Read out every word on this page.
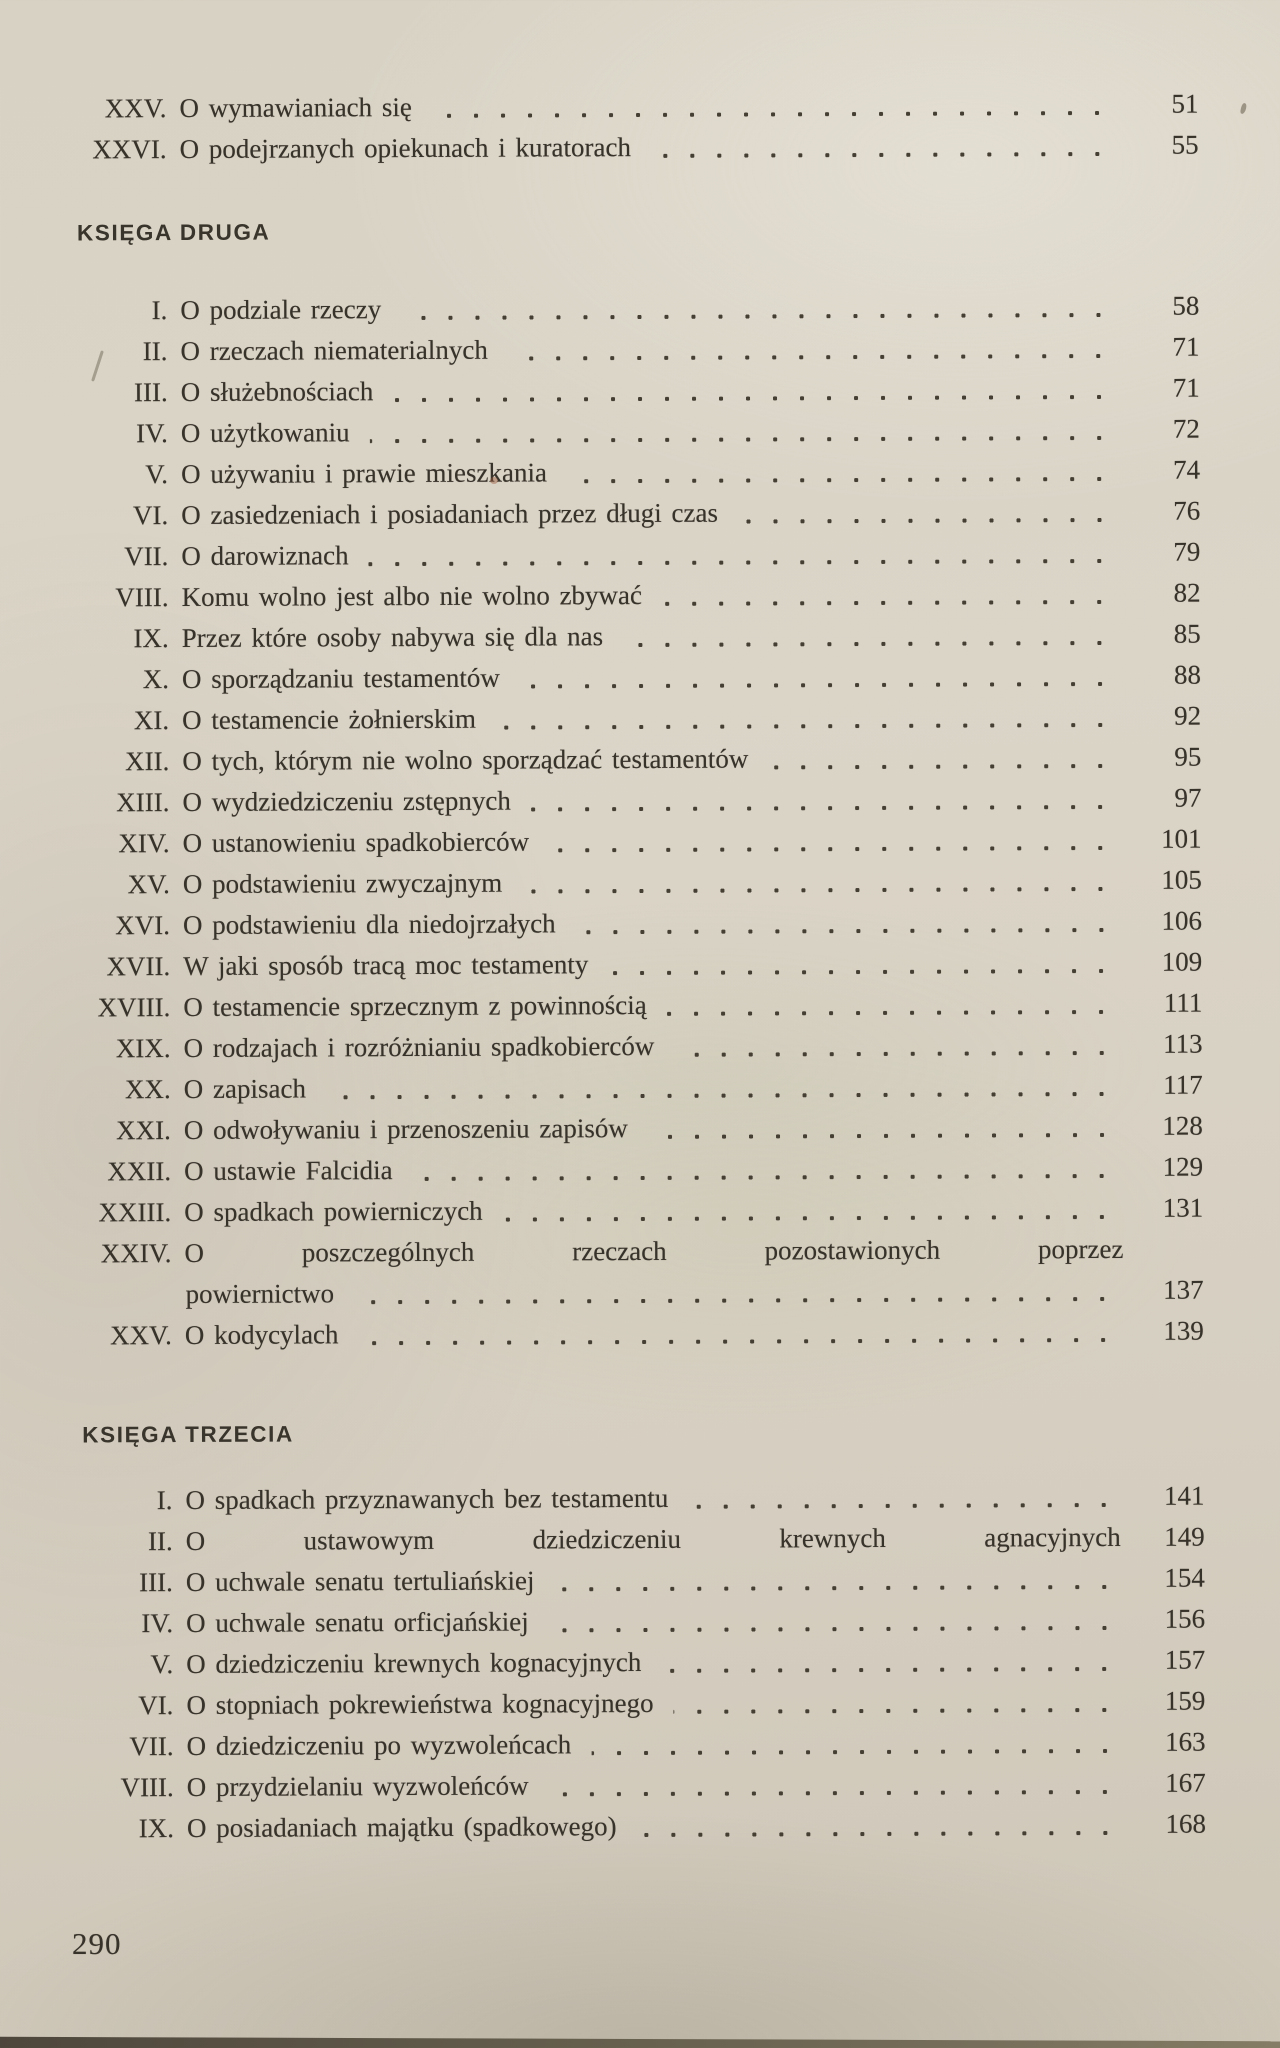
XXV. O wymawianiach się	51
XXVI. O podejrzanych opiekunach i kuratorach	55
KSIĘGA DRUGA
I. O podziale rzeczy	58
II. O rzeczach niematerialnych	71
III. O służebnościach	71
IV. O użytkowaniu	72
V. O używaniu i prawie mieszkania	74
VI. O zasiedzeniach i posiadaniach przez długi czas	76
VII. O darowiznach	79
VIII. Komu wolno jest albo nie wolno zbywać	82
IX. Przez które osoby nabywa się dla nas	85
X. O sporządzaniu testamentów	88
XI. O testamencie żołnierskim	92
XII. O tych, którym nie wolno sporządzać testamentów	95
XIII. O wydziedziczeniu zstępnych	97
XIV. O ustanowieniu spadkobierców	101
XV. O podstawieniu zwyczajnym	105
XVI. O podstawieniu dla niedojrzałych	106
XVII. W jaki sposób tracą moc testamenty	109
XVIII. O testamencie sprzecznym z powinnością	111
XIX. O rodzajach i rozróżnianiu spadkobierców	113
XX. O zapisach	117
XXI. O odwoływaniu i przenoszeniu zapisów	128
XXII. O ustawie Falcidia	129
XXIII. O spadkach powierniczych	131
XXIV. O poszczególnych rzeczach pozostawionych poprzez
powiernictwo	137
XXV. O kodycylach	139
KSIĘGA TRZECIA
I. O spadkach przyznawanych bez testamentu	141
II. O ustawowym dziedziczeniu krewnych agnacyjnych	149
III. O uchwale senatu tertuliańskiej	154
IV. O uchwale senatu orficjańskiej	156
V. O dziedziczeniu krewnych kognacyjnych	157
VI. O stopniach pokrewieństwa kognacyjnego	159
VII. O dziedziczeniu po wyzwoleńcach	163
VIII. O przydzielaniu wyzwoleńców	167
IX. O posiadaniach majątku (spadkowego)	168
290
